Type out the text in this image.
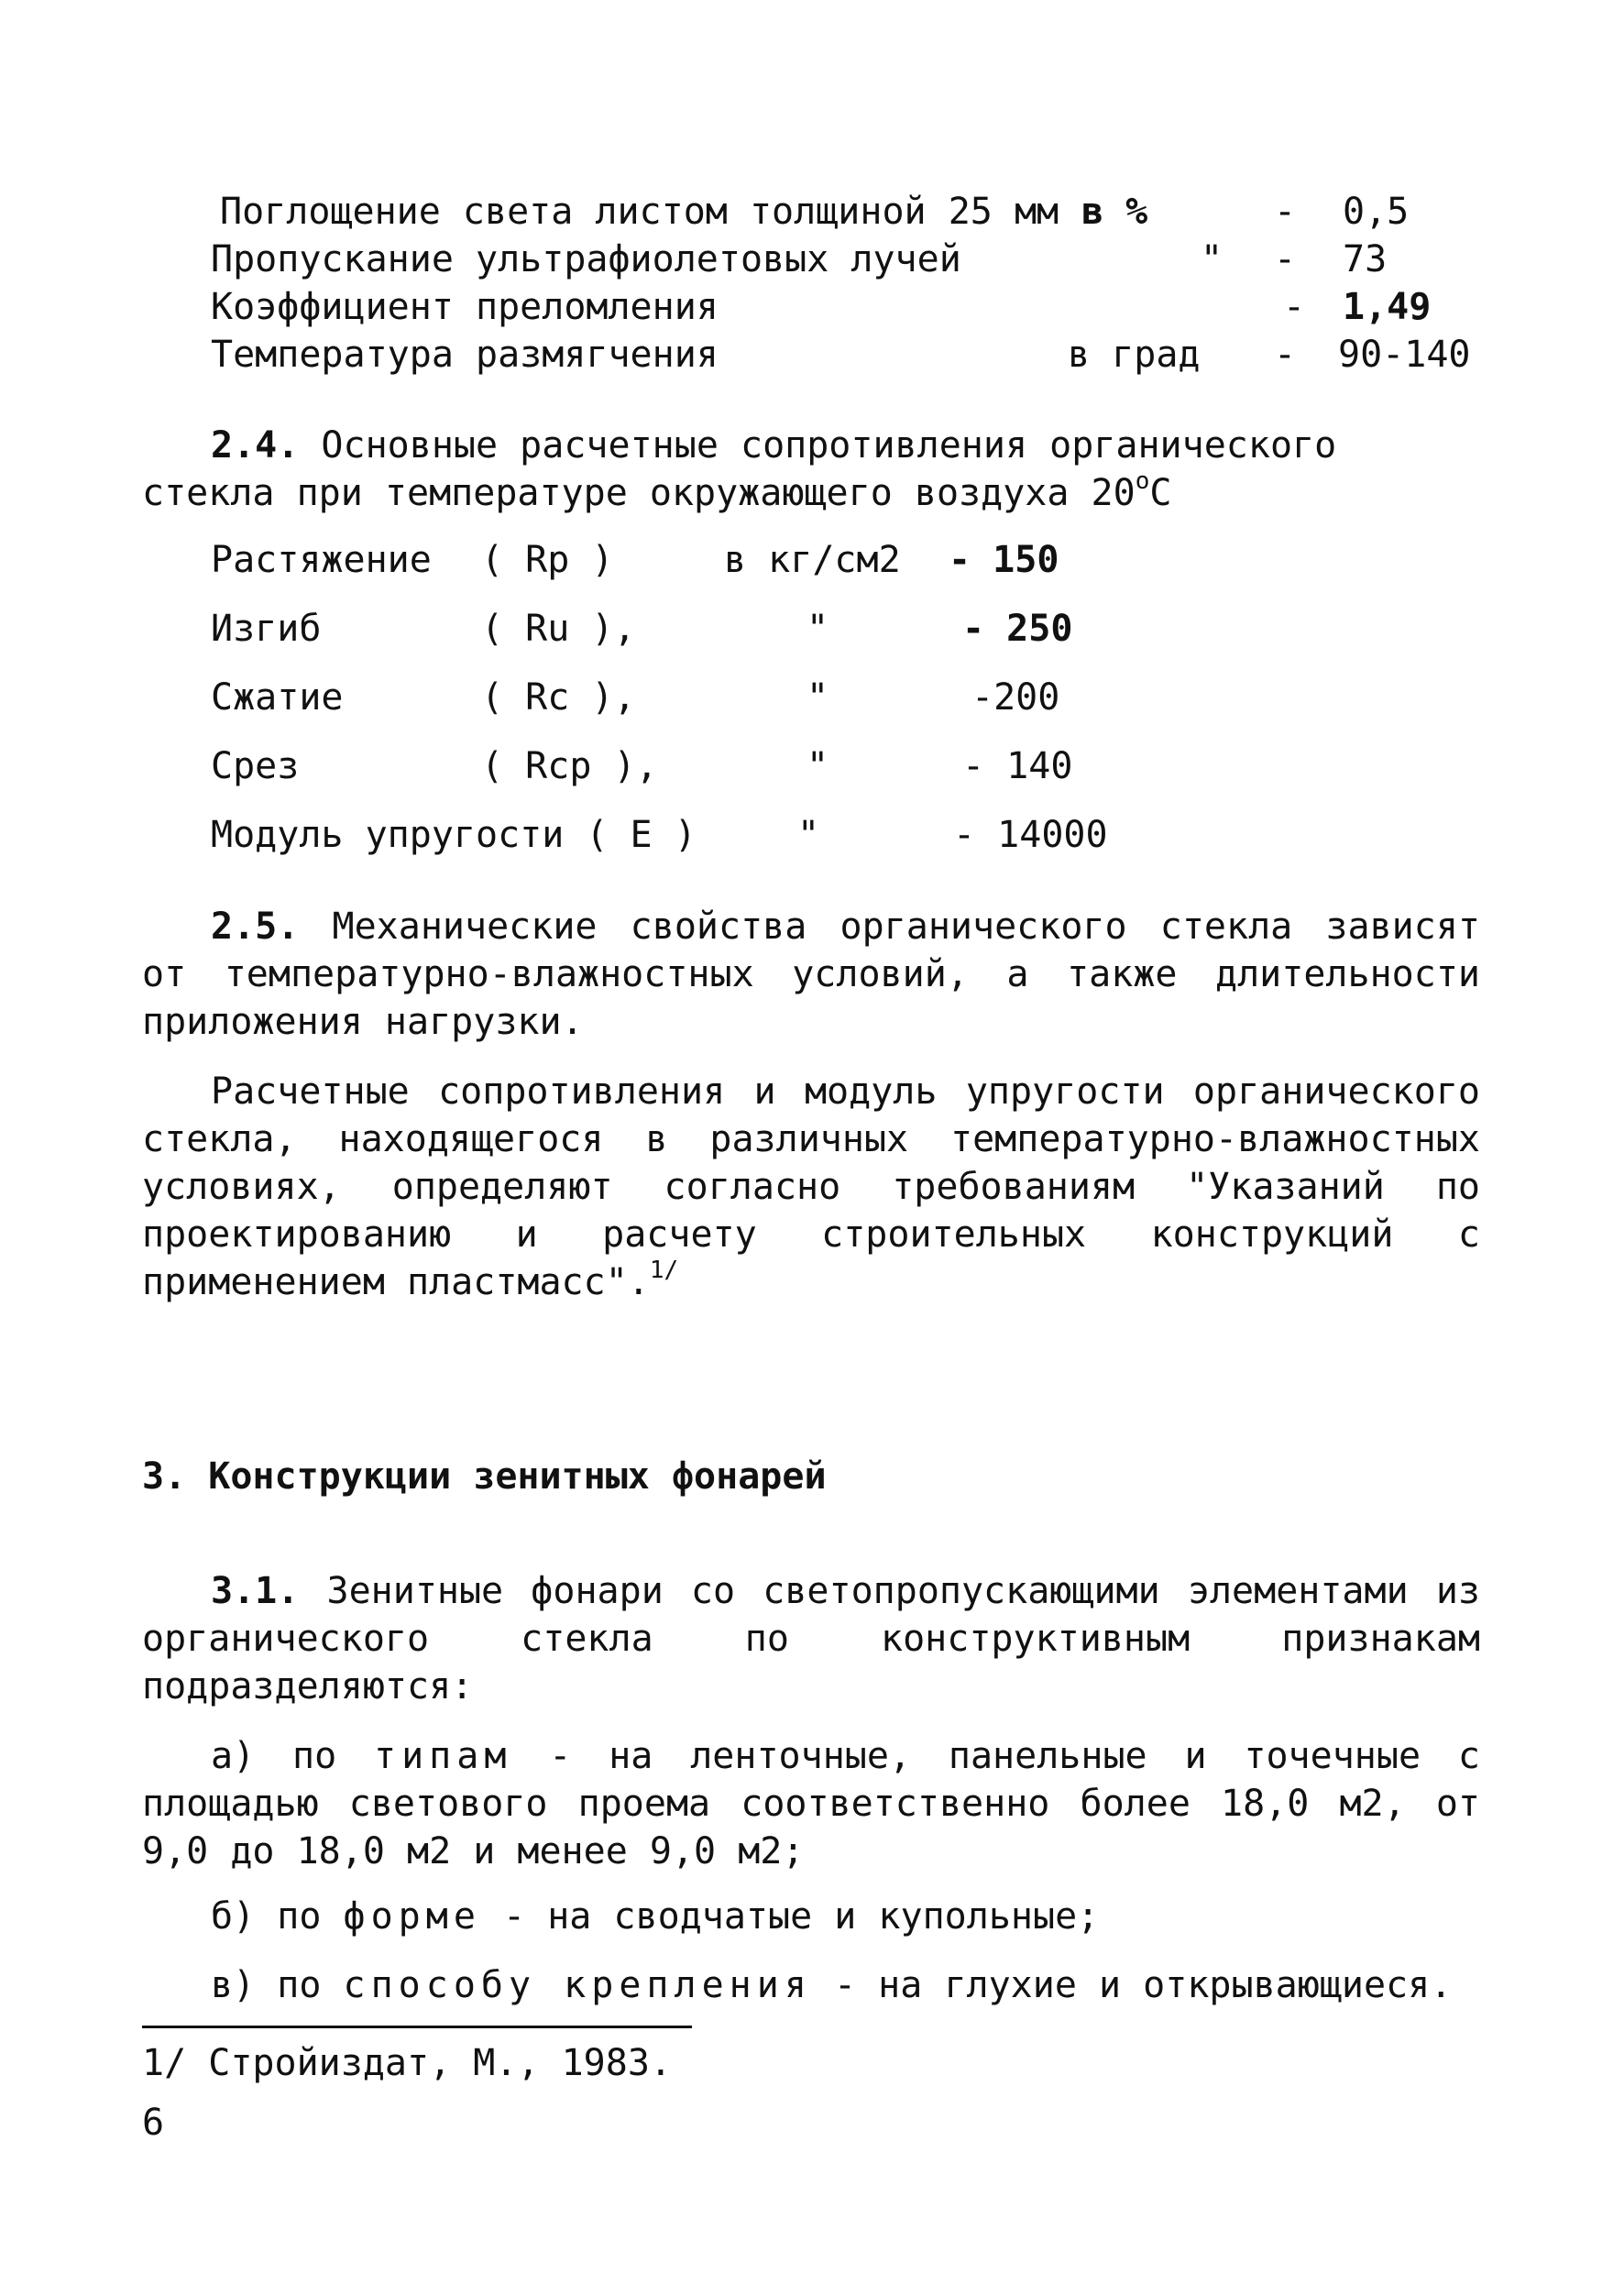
Поглощение света листом толщиной 25 мм в %	- 0,5
Пропускание ультрафиолетовых лучей	" - 73
Коэффициент преломления	- 1,49
Температура размягчения	в град - 90-140
2.4. Основные расчетные сопротивления органического
стекла при температуре окружающего воздуха 20$^o$C
Растяжение ( Rp )	в кг/см2 - 150
Изгиб	( Ru ),	"	- 250
Сжатие	( Rc ),	"	-200
Срез	( Rcp ),	"	- 140
Модуль упругости ( E )	"	- 14000
2.5. Механические свойства органического стекла зависят от температурно-влажностных условий, а также длительности приложения нагрузки.
Расчетные сопротивления и модуль упругости органического стекла, находящегося в различных температурно-влажностных условиях, определяют согласно требованиям "Указаний по проектированию и расчету строительных конструкций с применением пластмасс".$^{1/}$
3. Конструкции зенитных фонарей
3.1. Зенитные фонари со светопропускающими элементами из органического стекла по конструктивным признакам подразделяются:
а) по типам - на ленточные, панельные и точечные с площадью светового проема соответственно более 18,0 м2, от 9,0 до 18,0 м2 и менее 9,0 м2;
б) по форме - на сводчатые и купольные;
в) по способу крепления - на глухие и открывающиеся.
1/ Стройиздат, М., 1983.
6
